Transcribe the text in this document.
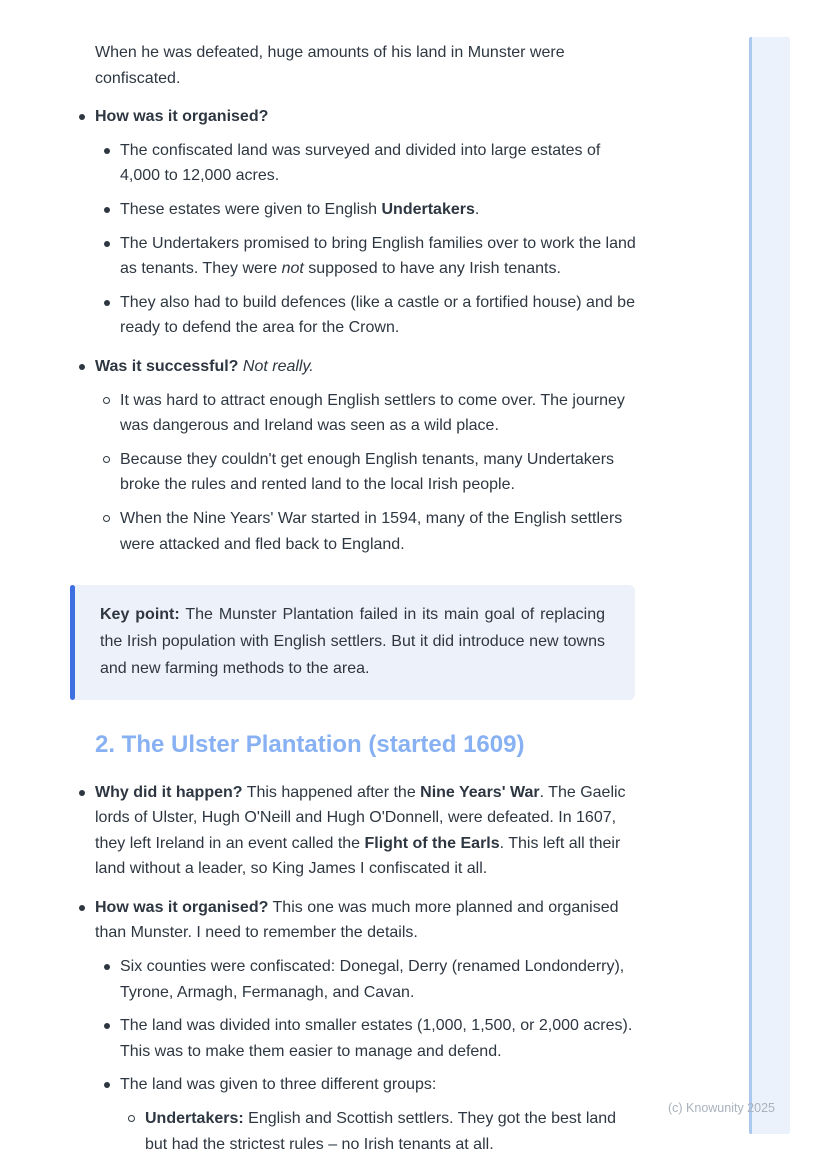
When he was defeated, huge amounts of his land in Munster were confiscated.

How was it organised?
The confiscated land was surveyed and divided into large estates of 4,000 to 12,000 acres.
These estates were given to English Undertakers.
The Undertakers promised to bring English families over to work the land as tenants. They were not supposed to have any Irish tenants.
They also had to build defences (like a castle or a fortified house) and be ready to defend the area for the Crown.
Was it successful? Not really.
It was hard to attract enough English settlers to come over. The journey was dangerous and Ireland was seen as a wild place.
Because they couldn't get enough English tenants, many Undertakers broke the rules and rented land to the local Irish people.
When the Nine Years' War started in 1594, many of the English settlers were attacked and fled back to England.

Key point: The Munster Plantation failed in its main goal of replacing the Irish population with English settlers. But it did introduce new towns and new farming methods to the area.

2. The Ulster Plantation (started 1609)
Why did it happen? This happened after the Nine Years' War. The Gaelic lords of Ulster, Hugh O'Neill and Hugh O'Donnell, were defeated. In 1607, they left Ireland in an event called the Flight of the Earls. This left all their land without a leader, so King James I confiscated it all.
How was it organised? This one was much more planned and organised than Munster. I need to remember the details.
Six counties were confiscated: Donegal, Derry (renamed Londonderry), Tyrone, Armagh, Fermanagh, and Cavan.
The land was divided into smaller estates (1,000, 1,500, or 2,000 acres). This was to make them easier to manage and defend.
The land was given to three different groups:
Undertakers: English and Scottish settlers. They got the best land but had the strictest rules – no Irish tenants at all.
(c) Knowunity 2025
